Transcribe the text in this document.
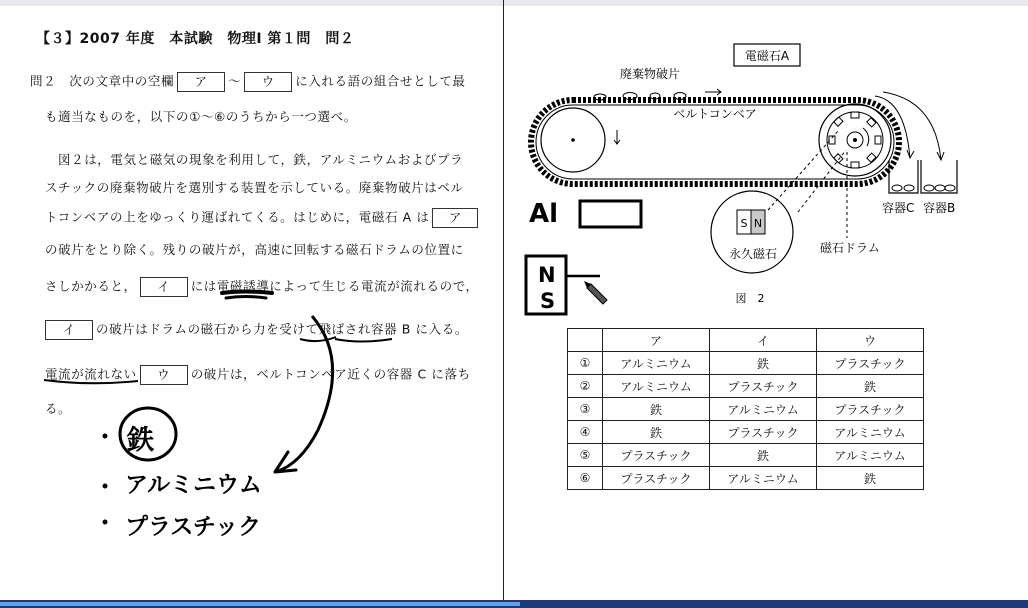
【３】2007 年度　本試験　物理Ⅰ 第１問　問２
問２　次の文章中の空欄 ア 〜 ウ に入れる語の組合せとして最
も適当なものを，以下の①〜⑥のうちから一つ選べ。
図２は，電気と磁気の現象を利用して，鉄，アルミニウムおよびプラ
スチックの廃棄物破片を選別する装置を示している。廃棄物破片はベル
トコンベアの上をゆっくり運ばれてくる。はじめに，電磁石 A は ア
の破片をとり除く。残りの破片が，高速に回転する磁石ドラムの位置に
さしかかると， イ には電磁誘導によって生じる電流が流れるので，
イ の破片はドラムの磁石から力を受けて飛ばされ容器 B に入る。
電流が流れない ウ の破片は，ベルトコンベア近くの容器 C に落ち
る。
鉄
アルミニウム
プラスチック
電磁石A
廃棄物破片
ベルトコンベア
容器C 容器B
S N
永久磁石	磁石ドラム
図　2
Al
N
S
	ア	イ	ウ
①	アルミニウム	鉄	プラスチック
②	アルミニウム	プラスチック	鉄
③	鉄	アルミニウム	プラスチック
④	鉄	プラスチック	アルミニウム
⑤	プラスチック	鉄	アルミニウム
⑥	プラスチック	アルミニウム	鉄
